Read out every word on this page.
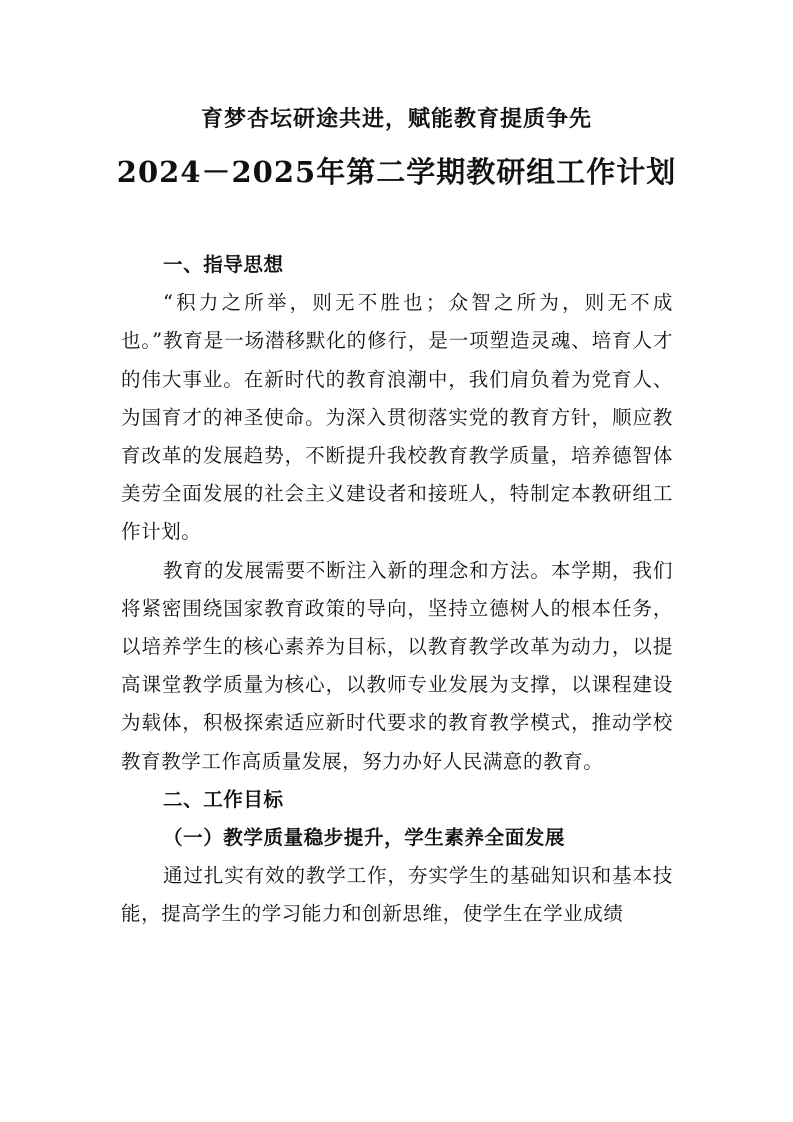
育梦杏坛研途共进，赋能教育提质争先
2024－2025年第二学期教研组工作计划

一、指导思想

“积力之所举，则无不胜也；众智之所为，则无不成也。”教育是一场潜移默化的修行，是一项塑造灵魂、培育人才的伟大事业。在新时代的教育浪潮中，我们肩负着为党育人、为国育才的神圣使命。为深入贯彻落实党的教育方针，顺应教育改革的发展趋势，不断提升我校教育教学质量，培养德智体美劳全面发展的社会主义建设者和接班人，特制定本教研组工作计划。

教育的发展需要不断注入新的理念和方法。本学期，我们将紧密围绕国家教育政策的导向，坚持立德树人的根本任务，以培养学生的核心素养为目标，以教育教学改革为动力，以提高课堂教学质量为核心，以教师专业发展为支撑，以课程建设为载体，积极探索适应新时代要求的教育教学模式，推动学校教育教学工作高质量发展，努力办好人民满意的教育。

二、工作目标

（一）教学质量稳步提升，学生素养全面发展

通过扎实有效的教学工作，夯实学生的基础知识和基本技能，提高学生的学习能力和创新思维，使学生在学业成绩
